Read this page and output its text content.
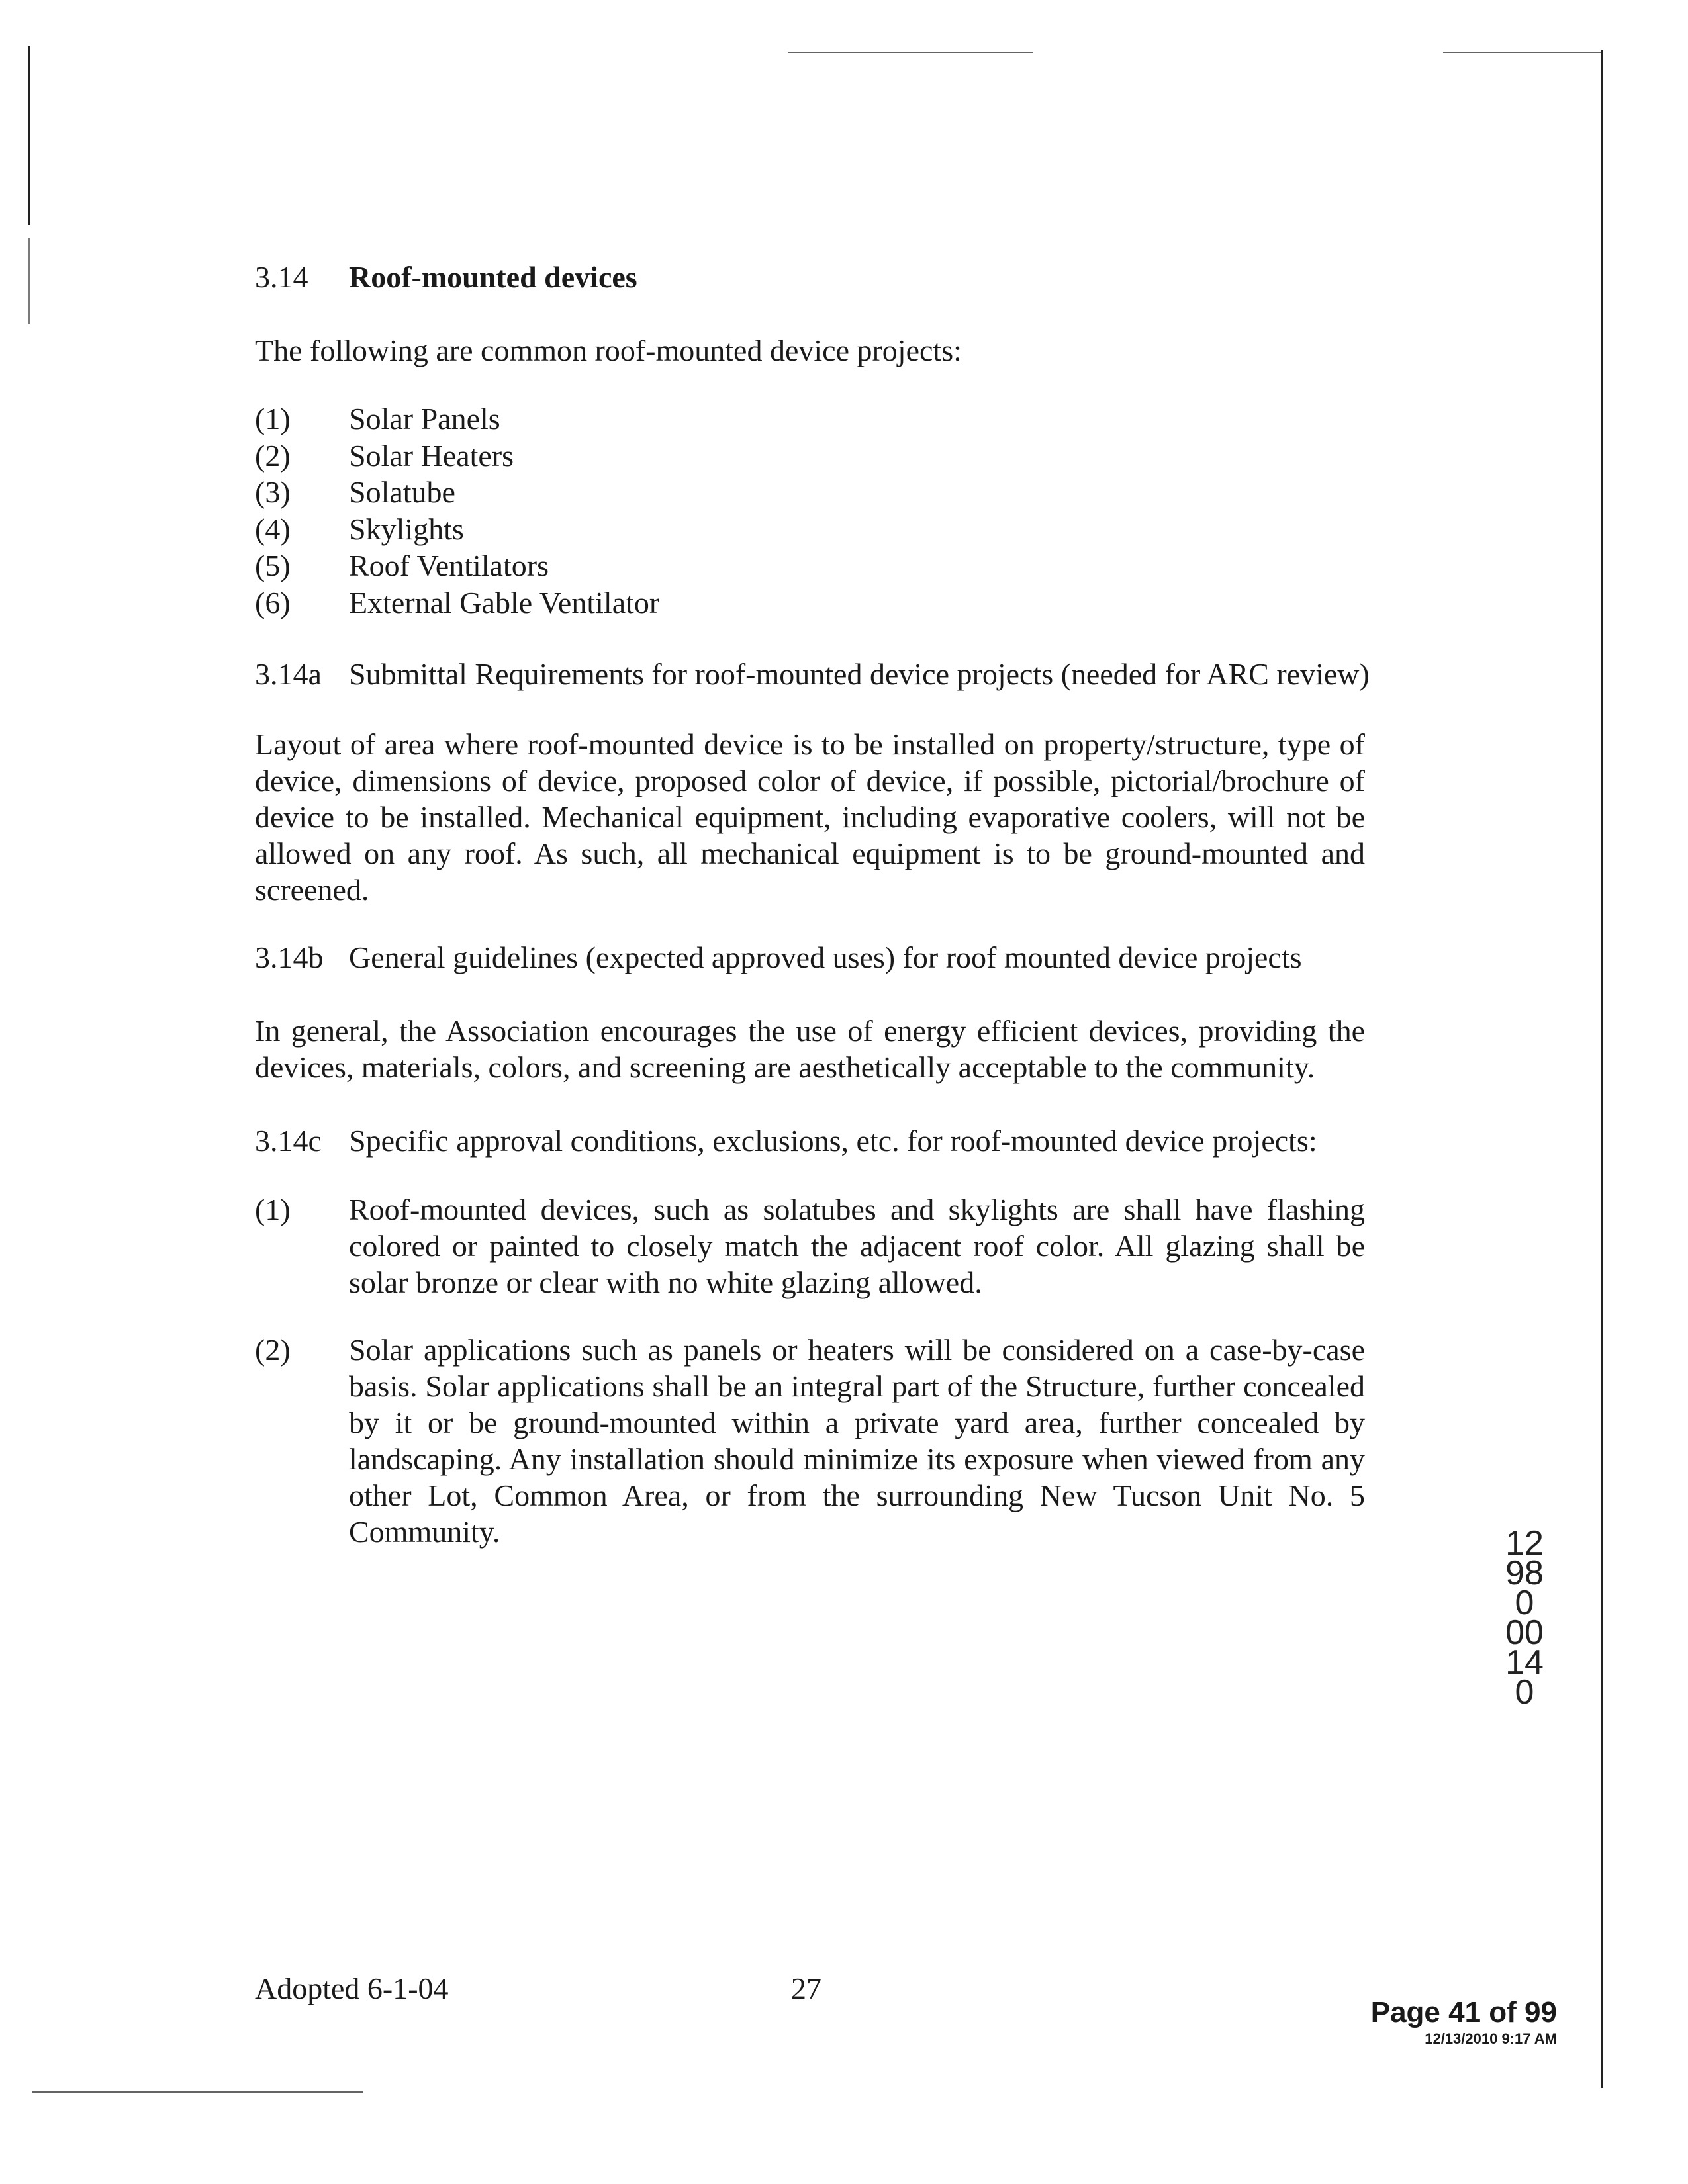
3.14 Roof-mounted devices
The following are common roof-mounted device projects:
(1) Solar Panels
(2) Solar Heaters
(3) Solatube
(4) Skylights
(5) Roof Ventilators
(6) External Gable Ventilator
3.14a Submittal Requirements for roof-mounted device projects (needed for ARC review)
Layout of area where roof-mounted device is to be installed on property/structure, type of device, dimensions of device, proposed color of device, if possible, pictorial/brochure of device to be installed. Mechanical equipment, including evaporative coolers, will not be allowed on any roof. As such, all mechanical equipment is to be ground-mounted and screened.
3.14b General guidelines (expected approved uses) for roof mounted device projects
In general, the Association encourages the use of energy efficient devices, providing the devices, materials, colors, and screening are aesthetically acceptable to the community.
3.14c Specific approval conditions, exclusions, etc. for roof-mounted device projects:
(1) Roof-mounted devices, such as solatubes and skylights are shall have flashing colored or painted to closely match the adjacent roof color. All glazing shall be solar bronze or clear with no white glazing allowed.
(2) Solar applications such as panels or heaters will be considered on a case-by-case basis. Solar applications shall be an integral part of the Structure, further concealed by it or be ground-mounted within a private yard area, further concealed by landscaping. Any installation should minimize its exposure when viewed from any other Lot, Common Area, or from the surrounding New Tucson Unit No. 5 Community.	12980 00140
Adopted 6-1-04	27
Page 41 of 99
12/13/2010 9:17 AM
